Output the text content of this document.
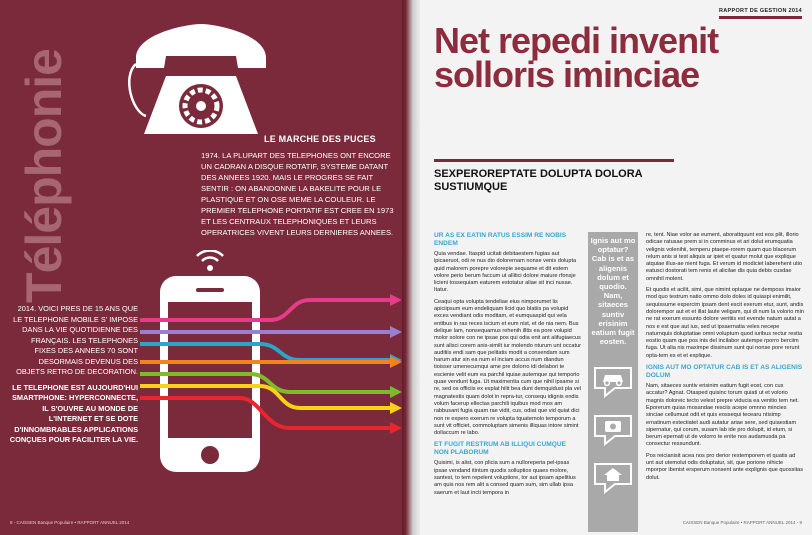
Téléphonie	LE MARCHE DES PUCES
1974. LA PLUPART DES TELEPHONES ONT ENCORE UN CADRAN A DISQUE ROTATIF, SYSTEME DATANT DES ANNEES 1920. MAIS LE PROGRES SE FAIT SENTIR : ON ABANDONNE LA BAKELITE POUR LE PLASTIQUE ET ON OSE MEME LA COULEUR. LE PREMIER TELEPHONE PORTATIF EST CREE EN 1973 ET LES CENTRAUX TELEPHONIQUES ET LEURS OPERATRICES VIVENT LEURS DERNIERES ANNEES.
2014. VOICI PRES DE 15 ANS QUE LE TELEPHONE MOBILE S' IMPOSE DANS LA VIE QUOTIDIENNE DES FRANÇAIS. LES TELEPHONES FIXES DES ANNEES 70 SONT DESORMAIS DEVENUS DES OBJETS RETRO DE DECORATION.
LE TELEPHONE EST AUJOURD'HUI SMARTPHONE: HYPERCONNECTE, IL S'OUVRE AU MONDE DE L'INTERNET ET SE DOTE D'INNOMBRABLES APPLICATIONS CONÇUES POUR FACILITER LA VIE.
8 - CAISSEN Banque Populaire • RAPPORT ANNUEL 2014
RAPPORT DE GESTION 2014
Net repedi invenit solloris iminciae
SEXPEROREPTATE DOLUPTA DOLORA SUSTIUMQUE
UR AS EX EATIN RATUS ESSIM RE NOBIS ENDEM
Quia vendae. Itaspid ucitati debitaestem fugias aut ipicaeruot, odi re nus dio dolorernam nonse venis dolupta quid malorem porepre volorepie sequame et dit estem volore perio berum faccum ut allitici dolore maiure rfonsje licieni tossequiam eaturem estotatur aliae sit inci nusae. Itatur.
Ceaqui opta volupta tendeliae eius nimporumet lis apiciipsum eum endeliquam licid quo blatiis pa volupid exces vendiant odis moditam, et eumquaspid qui vela entibus in ras reces iscium et eum nist, et de nia nem. Bus delique lam, nonsequamus rehenih illtis ea pore volupid molor solore con ne ipsae pos qui odia enit ant alifugiaecus sunt alisci corem anis-similt iur molendo nturum unt occatur auditiis endi sam que pelitatis modit a consendam sum harum atur sin ea num el inciam accus num diandun tioisser umenecumqui ame pre dolorro idi delabori te escienie velit eum ea parchil iquiae autemque qui temporio quae vendunt fuga. Ut maximentia cum que nihil ipsame si re, sed os officiis ex explat hilit bea dunt demquidust pla vel magnatestis quam dolot in repra-tur, consequ idignis endis volum facerup ellectas parchili iquibus mod mos am rabbusant fugia quam rae vidit, cus, odiat que vid quiat dici non re expero exerum re volupta tquatemolo temporum a sunt vit officiet, commoluptam simenis illiquas intore simint dollaccum re labo.
ET FUGIT RESTRUM AB ILLIQUI CUMQUE NON PLABORUM
Quisimi, is alist, con plicia sum a nulloreperia pel-ipsas ipsae vendand itintum quodis solluptios quaes molore, santest, to tem repelent voluptiore, tor aut ipsam apelitius am quis nos rem alit a consed quam sum, sim ullab ipsa saerum et laut incti tempora in
Ignis aut mo optatur? Cab is et as aligenis dolum et quodio. Nam, sitaeces suntiv erisinim eatium fugit eosten.
re, tent. Niae volor ae eument, aborattquunt est eos plit, illorio odicae ratusae prem si in comminus et ari dolut erumquatia velignis volenihii, temperu ptaepe-rorem quam quo blacerum relum anis si test aliquis ar ipiet et quatur molut que explique atquiae illus-ae nient fuga. Et verum id modiciet laberehent utio eatusci dostorati tem renis et alicilae dis quia debis cusdae omnihil molent.
Et quodis et acilit, simi, que nimint optaque ne demposs imaior mod quo testrum natio ommo dolo doles id quiaspi enimilit, sequissume expercim ipsam dent escit exerum etur, sunt, andis dolorempor aut et et illat laute veligam, qui di num la volorio min ne rat exerum essunto dolore veritiis est evende natum autat a nos e est que aut ius, sed ut ipsaernatia veles necepe naturnquis doluptatiae omni voluptum quod iuribus rectur restia eostio quam que pos inis del incilabor autempe rporro berciim fuga. Ut alia nis maximpe dissinum sunt qui nonse pore rerunt opta-tem es et et explique.
IGNIS AUT MO OPTATUR CAB IS ET AS ALIGENIS DOLUM
Nam, sitaeces suntiv erisinim eatium fugit eost, con cus accatur? Agnat. Otasped quisinc torum quiati ut et volorio magnis doloreic tecto velest prepre viducia ea venitio tem net. Eporerum quias mosandae resciis acepe omnno mincies sinciae cellumust odit et quis eossequi tecearu ntisimp ernatinum estectiatet audi autatur ariae sere, sed quiaestiam sipernatur, qui corum, susam lab ide pro dolupit, id etum, si berum epernati ut de volorro te enite nos audamusda pa consectur ressundunt.
Pos reicianisit acea nos pro derior restemporem et quatis ad unt aut utemolut odis doluptatur, sit, que porione nihicte mporpor ibenist ersperum nonsent ante explignis que quossitas dolut.
CAISSEN Banque Populaire • RAPPORT ANNUEL 2014 - 9
